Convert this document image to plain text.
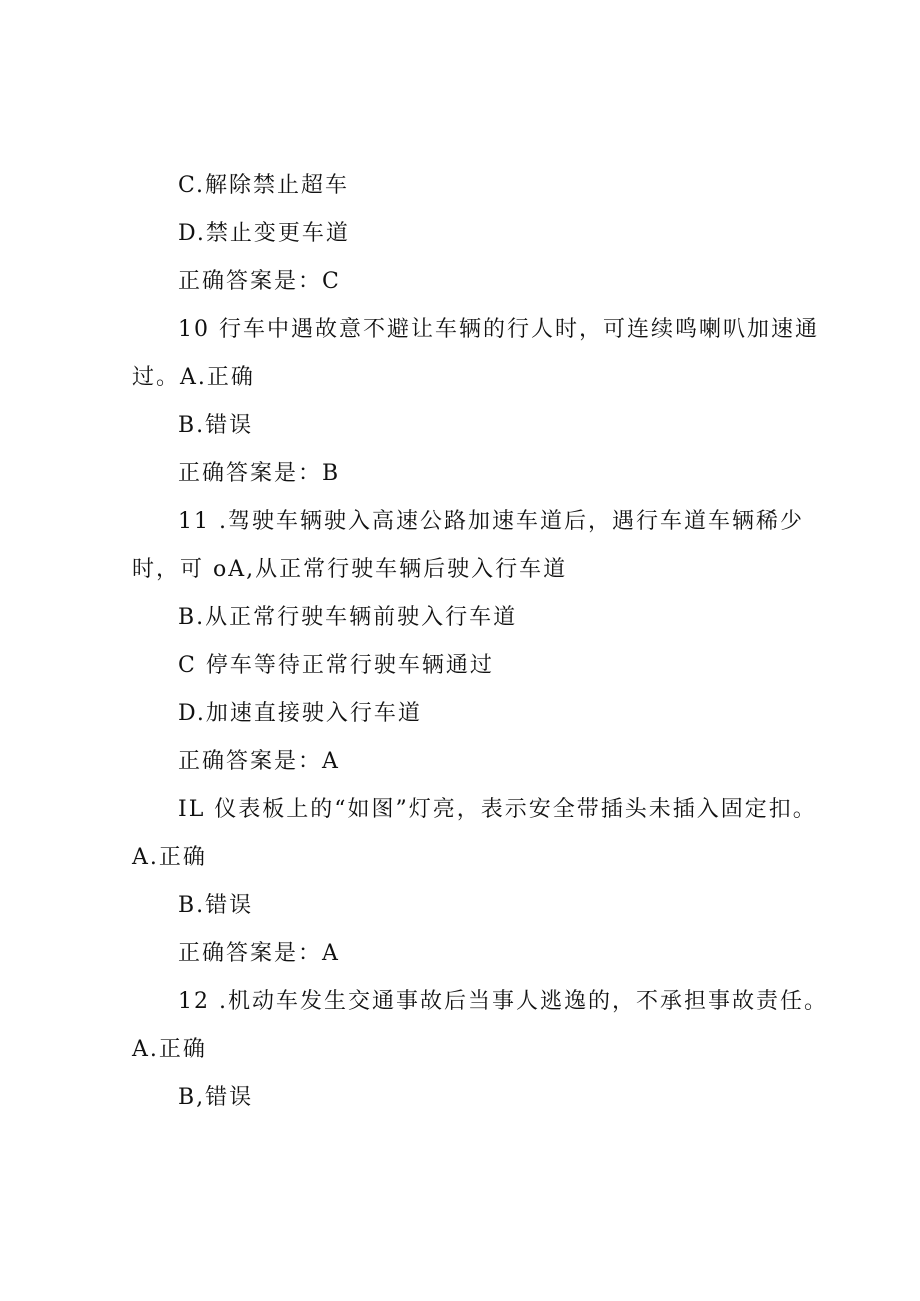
C.解除禁止超车

D.禁止变更车道

正确答案是：C

10 行车中遇故意不避让车辆的行人时，可连续鸣喇叭加速通

过。A.正确

B.错误

正确答案是：B

11 .驾驶车辆驶入高速公路加速车道后，遇行车道车辆稀少

时，可 oA,从正常行驶车辆后驶入行车道

B.从正常行驶车辆前驶入行车道

C 停车等待正常行驶车辆通过

D.加速直接驶入行车道

正确答案是：A

IL 仪表板上的“如图”灯亮，表示安全带插头未插入固定扣。

A.正确

B.错误

正确答案是：A

12 .机动车发生交通事故后当事人逃逸的，不承担事故责任。

A.正确

B,错误
